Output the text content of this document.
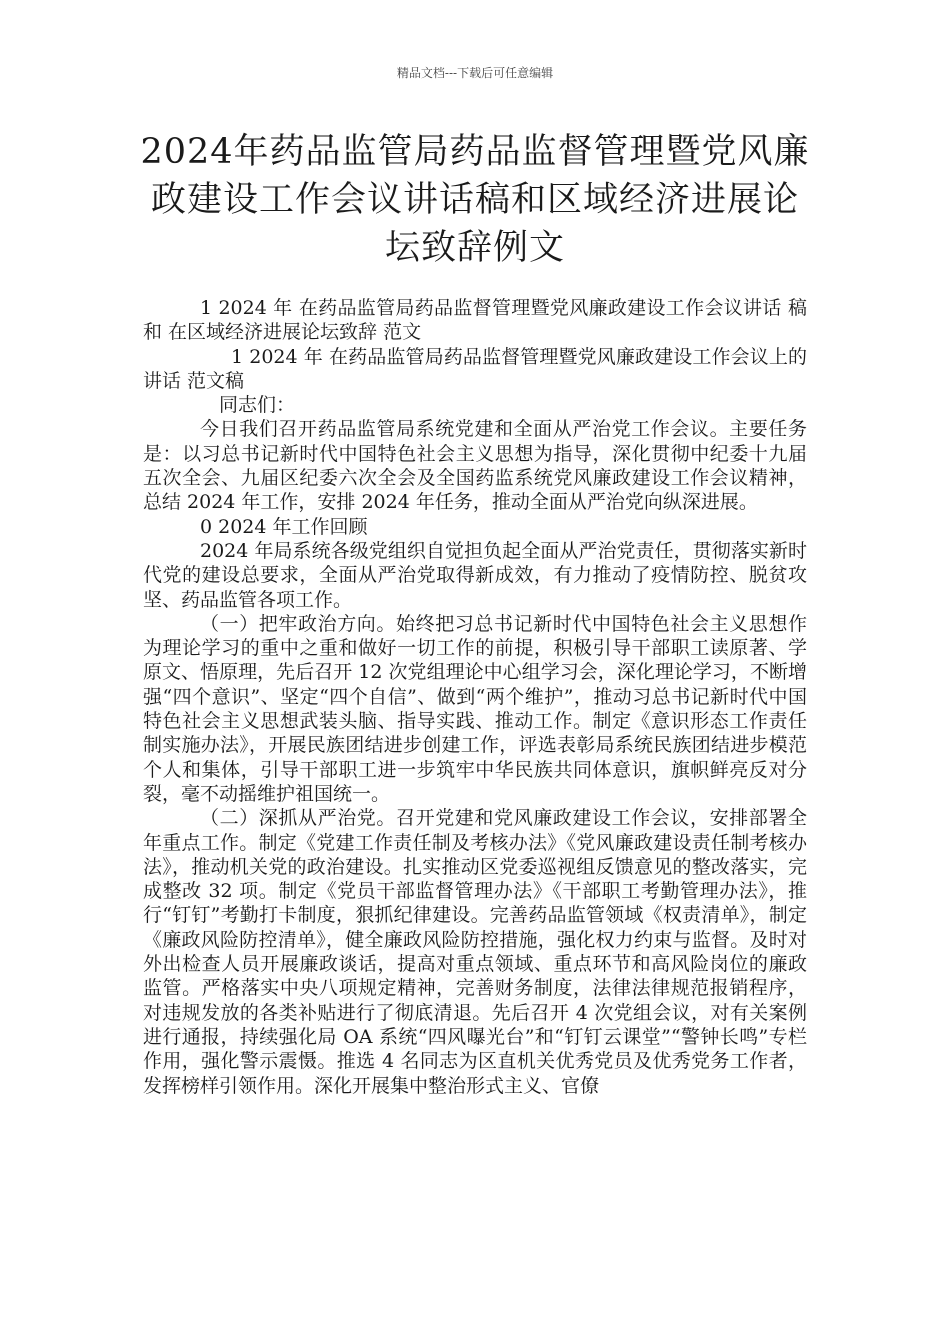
精品文档---下载后可任意编辑
2024年药品监管局药品监督管理暨党风廉政建设工作会议讲话稿和区域经济进展论坛致辞例文

1 2024 年 在药品监管局药品监督管理暨党风廉政建设工作会议讲话 稿和 在区域经济进展论坛致辞 范文

1 2024 年 在药品监管局药品监督管理暨党风廉政建设工作会议上的讲话 范文稿

同志们：

今日我们召开药品监管局系统党建和全面从严治党工作会议。主要任务是：以习总书记新时代中国特色社会主义思想为指导，深化贯彻中纪委十九届五次全会、九届区纪委六次全会及全国药监系统党风廉政建设工作会议精神，总结 2024 年工作，安排 2024 年任务，推动全面从严治党向纵深进展。

0 2024 年工作回顾

2024 年局系统各级党组织自觉担负起全面从严治党责任，贯彻落实新时代党的建设总要求，全面从严治党取得新成效，有力推动了疫情防控、脱贫攻坚、药品监管各项工作。

（一）把牢政治方向。始终把习总书记新时代中国特色社会主义思想作为理论学习的重中之重和做好一切工作的前提，积极引导干部职工读原著、学原文、悟原理，先后召开 12 次党组理论中心组学习会，深化理论学习，不断增强“四个意识”、坚定“四个自信”、做到“两个维护”，推动习总书记新时代中国特色社会主义思想武装头脑、指导实践、推动工作。制定《意识形态工作责任制实施办法》，开展民族团结进步创建工作，评选表彰局系统民族团结进步模范个人和集体，引导干部职工进一步筑牢中华民族共同体意识，旗帜鲜亮反对分裂，毫不动摇维护祖国统一。

（二）深抓从严治党。召开党建和党风廉政建设工作会议，安排部署全年重点工作。制定《党建工作责任制及考核办法》《党风廉政建设责任制考核办法》，推动机关党的政治建设。扎实推动区党委巡视组反馈意见的整改落实，完成整改 32 项。制定《党员干部监督管理办法》《干部职工考勤管理办法》，推行“钉钉”考勤打卡制度，狠抓纪律建设。完善药品监管领域《权责清单》，制定《廉政风险防控清单》，健全廉政风险防控措施，强化权力约束与监督。及时对外出检查人员开展廉政谈话，提高对重点领域、重点环节和高风险岗位的廉政监管。严格落实中央八项规定精神，完善财务制度，法律法律规范报销程序，对违规发放的各类补贴进行了彻底清退。先后召开 4 次党组会议，对有关案例进行通报，持续强化局 OA 系统“四风曝光台”和“钉钉云课堂”“警钟长鸣”专栏作用，强化警示震慑。推选 4 名同志为区直机关优秀党员及优秀党务工作者，发挥榜样引领作用。深化开展集中整治形式主义、官僚
